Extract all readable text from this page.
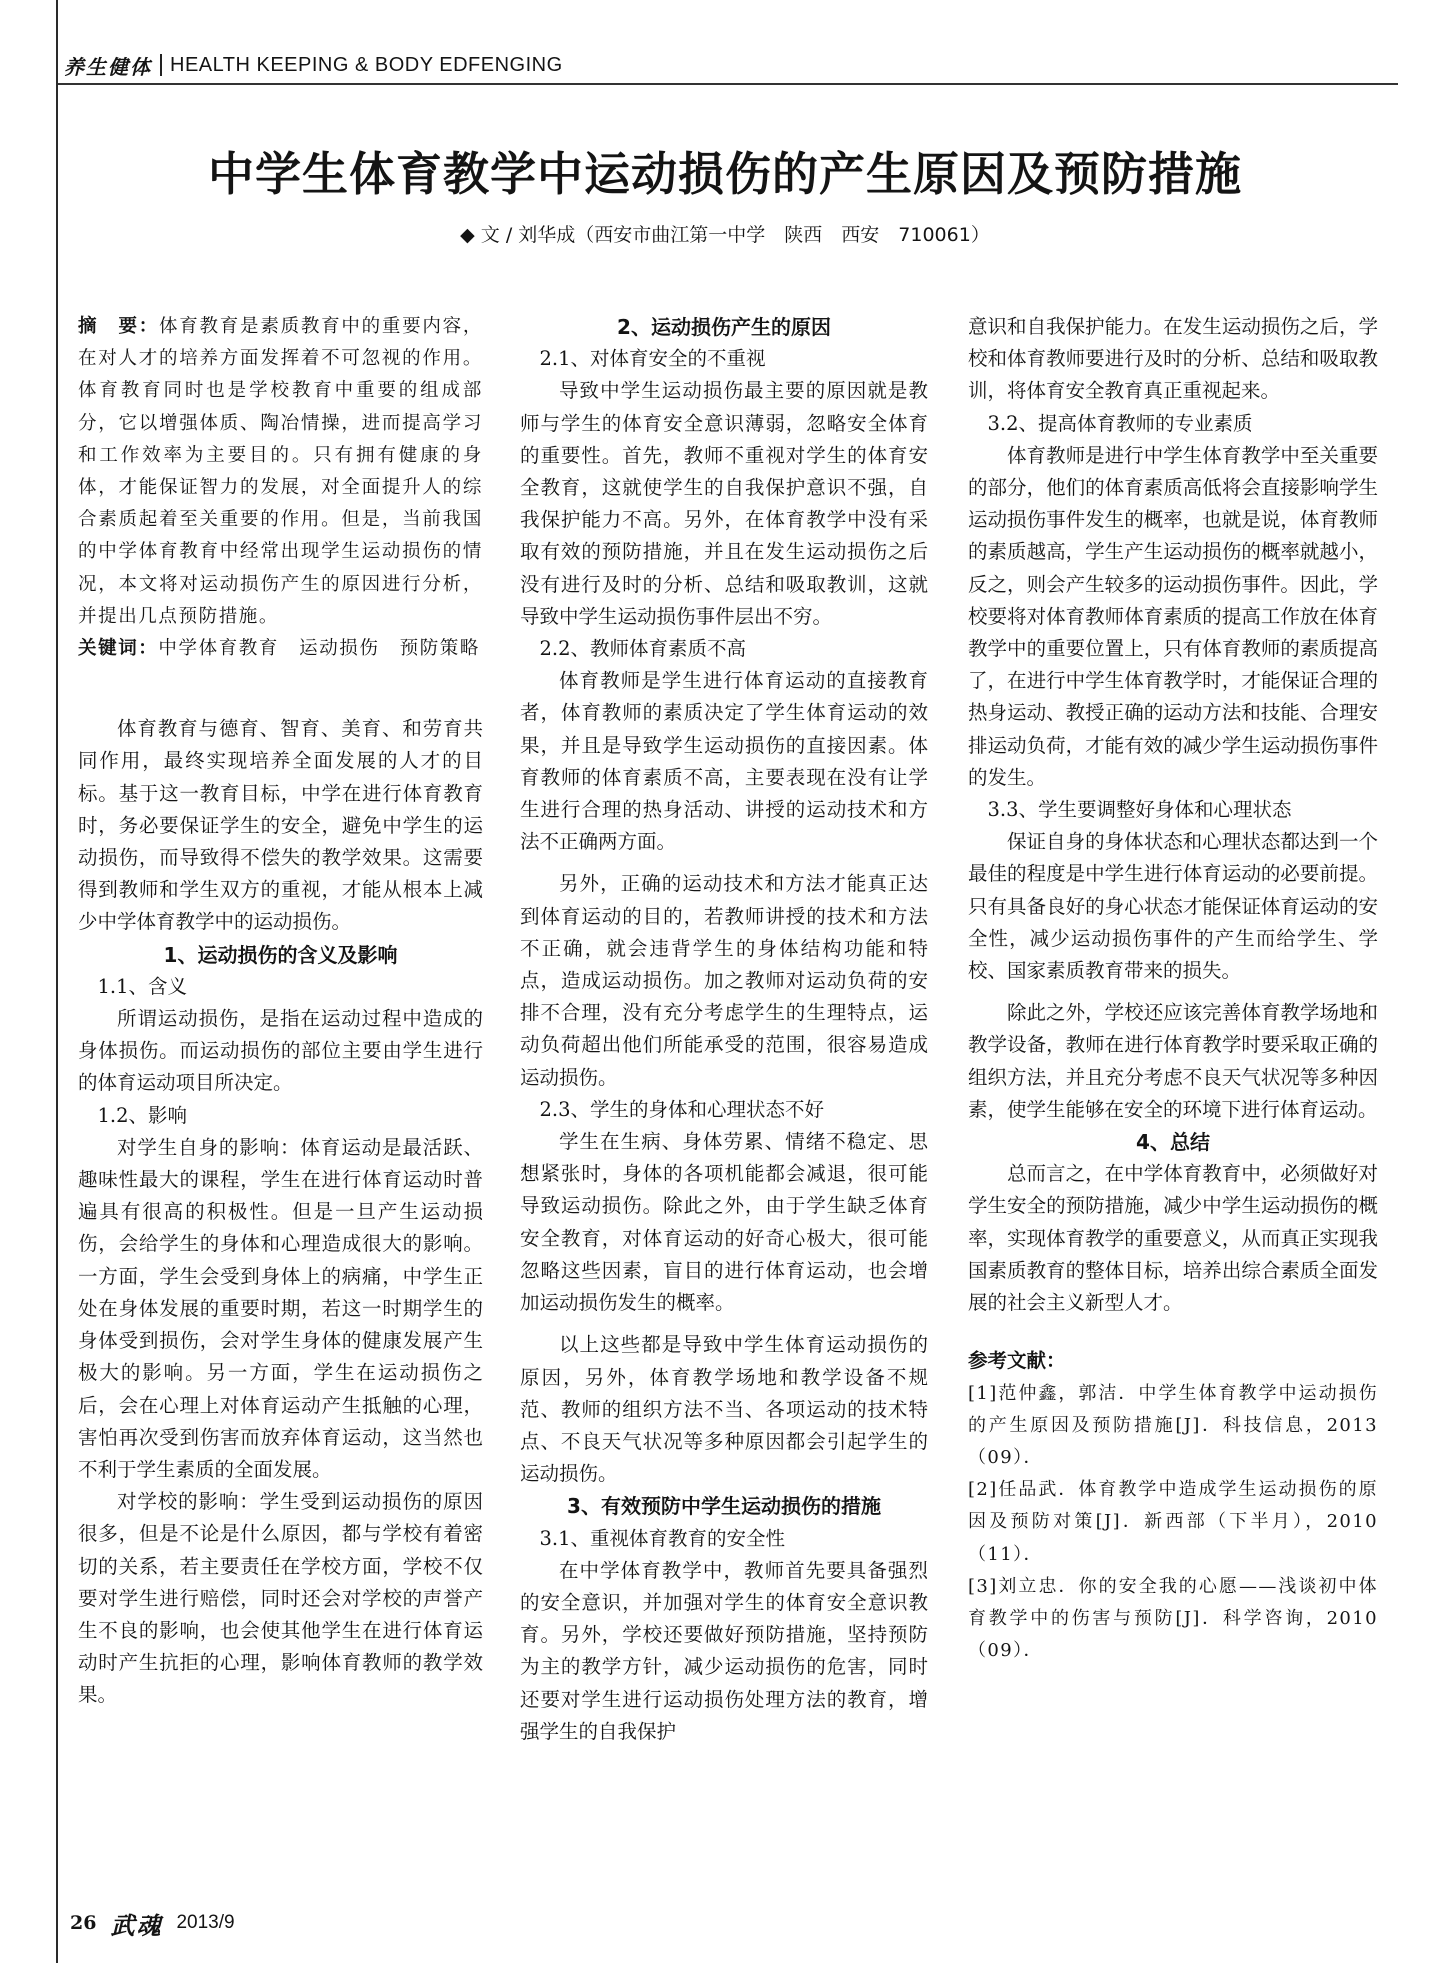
养生健体 HEALTH KEEPING & BODY EDFENGING
中学生体育教学中运动损伤的产生原因及预防措施
◆ 文 / 刘华成（西安市曲江第一中学　陕西　西安　710061）

摘　要：体育教育是素质教育中的重要内容，在对人才的培养方面发挥着不可忽视的作用。体育教育同时也是学校教育中重要的组成部分，它以增强体质、陶冶情操，进而提高学习和工作效率为主要目的。只有拥有健康的身体，才能保证智力的发展，对全面提升人的综合素质起着至关重要的作用。但是，当前我国的中学体育教育中经常出现学生运动损伤的情况，本文将对运动损伤产生的原因进行分析，并提出几点预防措施。

关键词：中学体育教育　运动损伤　预防策略

体育教育与德育、智育、美育、和劳育共同作用，最终实现培养全面发展的人才的目标。基于这一教育目标，中学在进行体育教育时，务必要保证学生的安全，避免中学生的运动损伤，而导致得不偿失的教学效果。这需要得到教师和学生双方的重视，才能从根本上减少中学体育教学中的运动损伤。

1、运动损伤的含义及影响

1.1、含义

所谓运动损伤，是指在运动过程中造成的身体损伤。而运动损伤的部位主要由学生进行的体育运动项目所决定。

1.2、影响

对学生自身的影响：体育运动是最活跃、趣味性最大的课程，学生在进行体育运动时普遍具有很高的积极性。但是一旦产生运动损伤，会给学生的身体和心理造成很大的影响。一方面，学生会受到身体上的病痛，中学生正处在身体发展的重要时期，若这一时期学生的身体受到损伤，会对学生身体的健康发展产生极大的影响。另一方面，学生在运动损伤之后，会在心理上对体育运动产生抵触的心理，害怕再次受到伤害而放弃体育运动，这当然也不利于学生素质的全面发展。

对学校的影响：学生受到运动损伤的原因很多，但是不论是什么原因，都与学校有着密切的关系，若主要责任在学校方面，学校不仅要对学生进行赔偿，同时还会对学校的声誉产生不良的影响，也会使其他学生在进行体育运动时产生抗拒的心理，影响体育教师的教学效果。

2、运动损伤产生的原因

2.1、对体育安全的不重视

导致中学生运动损伤最主要的原因就是教师与学生的体育安全意识薄弱，忽略安全体育的重要性。首先，教师不重视对学生的体育安全教育，这就使学生的自我保护意识不强，自我保护能力不高。另外，在体育教学中没有采取有效的预防措施，并且在发生运动损伤之后没有进行及时的分析、总结和吸取教训，这就导致中学生运动损伤事件层出不穷。

2.2、教师体育素质不高

体育教师是学生进行体育运动的直接教育者，体育教师的素质决定了学生体育运动的效果，并且是导致学生运动损伤的直接因素。体育教师的体育素质不高，主要表现在没有让学生进行合理的热身活动、讲授的运动技术和方法不正确两方面。

另外，正确的运动技术和方法才能真正达到体育运动的目的，若教师讲授的技术和方法不正确，就会违背学生的身体结构功能和特点，造成运动损伤。加之教师对运动负荷的安排不合理，没有充分考虑学生的生理特点，运动负荷超出他们所能承受的范围，很容易造成运动损伤。

2.3、学生的身体和心理状态不好

学生在生病、身体劳累、情绪不稳定、思想紧张时，身体的各项机能都会减退，很可能导致运动损伤。除此之外，由于学生缺乏体育安全教育，对体育运动的好奇心极大，很可能忽略这些因素，盲目的进行体育运动，也会增加运动损伤发生的概率。

以上这些都是导致中学生体育运动损伤的原因，另外，体育教学场地和教学设备不规范、教师的组织方法不当、各项运动的技术特点、不良天气状况等多种原因都会引起学生的运动损伤。

3、有效预防中学生运动损伤的措施

3.1、重视体育教育的安全性

在中学体育教学中，教师首先要具备强烈的安全意识，并加强对学生的体育安全意识教育。另外，学校还要做好预防措施，坚持预防为主的教学方针，减少运动损伤的危害，同时还要对学生进行运动损伤处理方法的教育，增强学生的自我保护

意识和自我保护能力。在发生运动损伤之后，学校和体育教师要进行及时的分析、总结和吸取教训，将体育安全教育真正重视起来。

3.2、提高体育教师的专业素质

体育教师是进行中学生体育教学中至关重要的部分，他们的体育素质高低将会直接影响学生运动损伤事件发生的概率，也就是说，体育教师的素质越高，学生产生运动损伤的概率就越小，反之，则会产生较多的运动损伤事件。因此，学校要将对体育教师体育素质的提高工作放在体育教学中的重要位置上，只有体育教师的素质提高了，在进行中学生体育教学时，才能保证合理的热身运动、教授正确的运动方法和技能、合理安排运动负荷，才能有效的减少学生运动损伤事件的发生。

3.3、学生要调整好身体和心理状态

保证自身的身体状态和心理状态都达到一个最佳的程度是中学生进行体育运动的必要前提。只有具备良好的身心状态才能保证体育运动的安全性，减少运动损伤事件的产生而给学生、学校、国家素质教育带来的损失。

除此之外，学校还应该完善体育教学场地和教学设备，教师在进行体育教学时要采取正确的组织方法，并且充分考虑不良天气状况等多种因素，使学生能够在安全的环境下进行体育运动。

4、总结

总而言之，在中学体育教育中，必须做好对学生安全的预防措施，减少中学生运动损伤的概率，实现体育教学的重要意义，从而真正实现我国素质教育的整体目标，培养出综合素质全面发展的社会主义新型人才。

参考文献：

[1]范仲鑫，郭洁．中学生体育教学中运动损伤的产生原因及预防措施[J]．科技信息，2013（09）．

[2]任品武．体育教学中造成学生运动损伤的原因及预防对策[J]．新西部（下半月），2010（11）．

[3]刘立忠．你的安全我的心愿——浅谈初中体育教学中的伤害与预防[J]．科学咨询，2010（09）．

26 武魂 2013/9
